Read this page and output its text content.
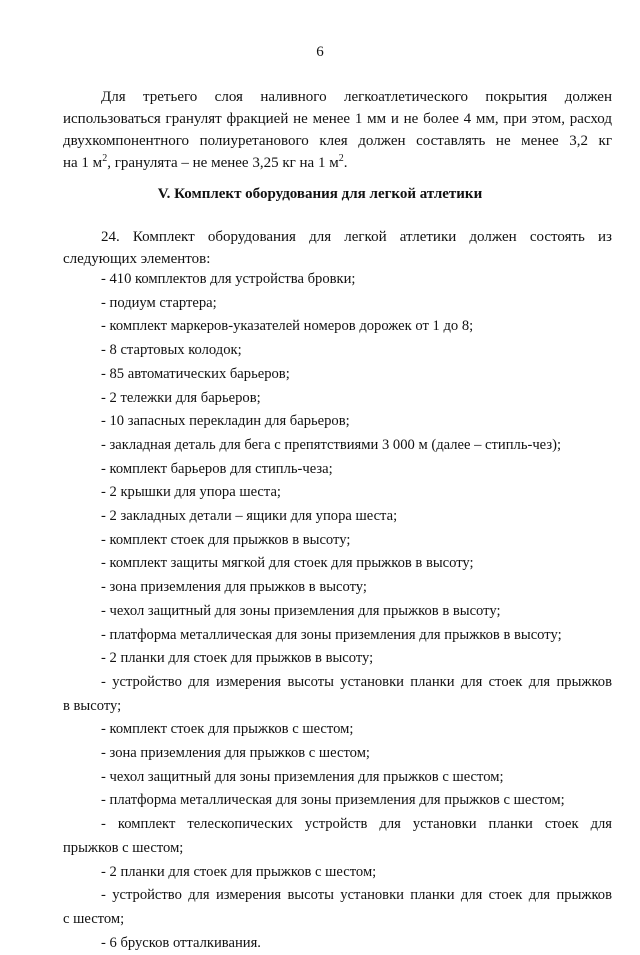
6
Для третьего слоя наливного легкоатлетического покрытия должен
использоваться гранулят фракцией не менее 1 мм и не более 4 мм, при этом, расход
двухкомпонентного полиуретанового клея должен составлять не менее 3,2 кг
на 1 $м^2$, гранулята – не менее 3,25 кг на 1 $м^2$.
V. Комплект оборудования для легкой атлетики
24. Комплект оборудования для легкой атлетики должен состоять из
следующих элементов:
- 410 комплектов для устройства бровки;
- подиум стартера;
- комплект маркеров-указателей номеров дорожек от 1 до 8;
- 8 стартовых колодок;
- 85 автоматических барьеров;
- 2 тележки для барьеров;
- 10 запасных перекладин для барьеров;
- закладная деталь для бега с препятствиями 3 000 м (далее – стипль-чез);
- комплект барьеров для стипль-чеза;
- 2 крышки для упора шеста;
- 2 закладных детали – ящики для упора шеста;
- комплект стоек для прыжков в высоту;
- комплект защиты мягкой для стоек для прыжков в высоту;
- зона приземления для прыжков в высоту;
- чехол защитный для зоны приземления для прыжков в высоту;
- платформа металлическая для зоны приземления для прыжков в высоту;
- 2 планки для стоек для прыжков в высоту;
- устройство для измерения высоты установки планки для стоек для прыжков
в высоту;
- комплект стоек для прыжков с шестом;
- зона приземления для прыжков с шестом;
- чехол защитный для зоны приземления для прыжков с шестом;
- платформа металлическая для зоны приземления для прыжков с шестом;
- комплект телескопических устройств для установки планки стоек для
прыжков с шестом;
- 2 планки для стоек для прыжков с шестом;
- устройство для измерения высоты установки планки для стоек для прыжков
с шестом;
- 6 брусков отталкивания.
